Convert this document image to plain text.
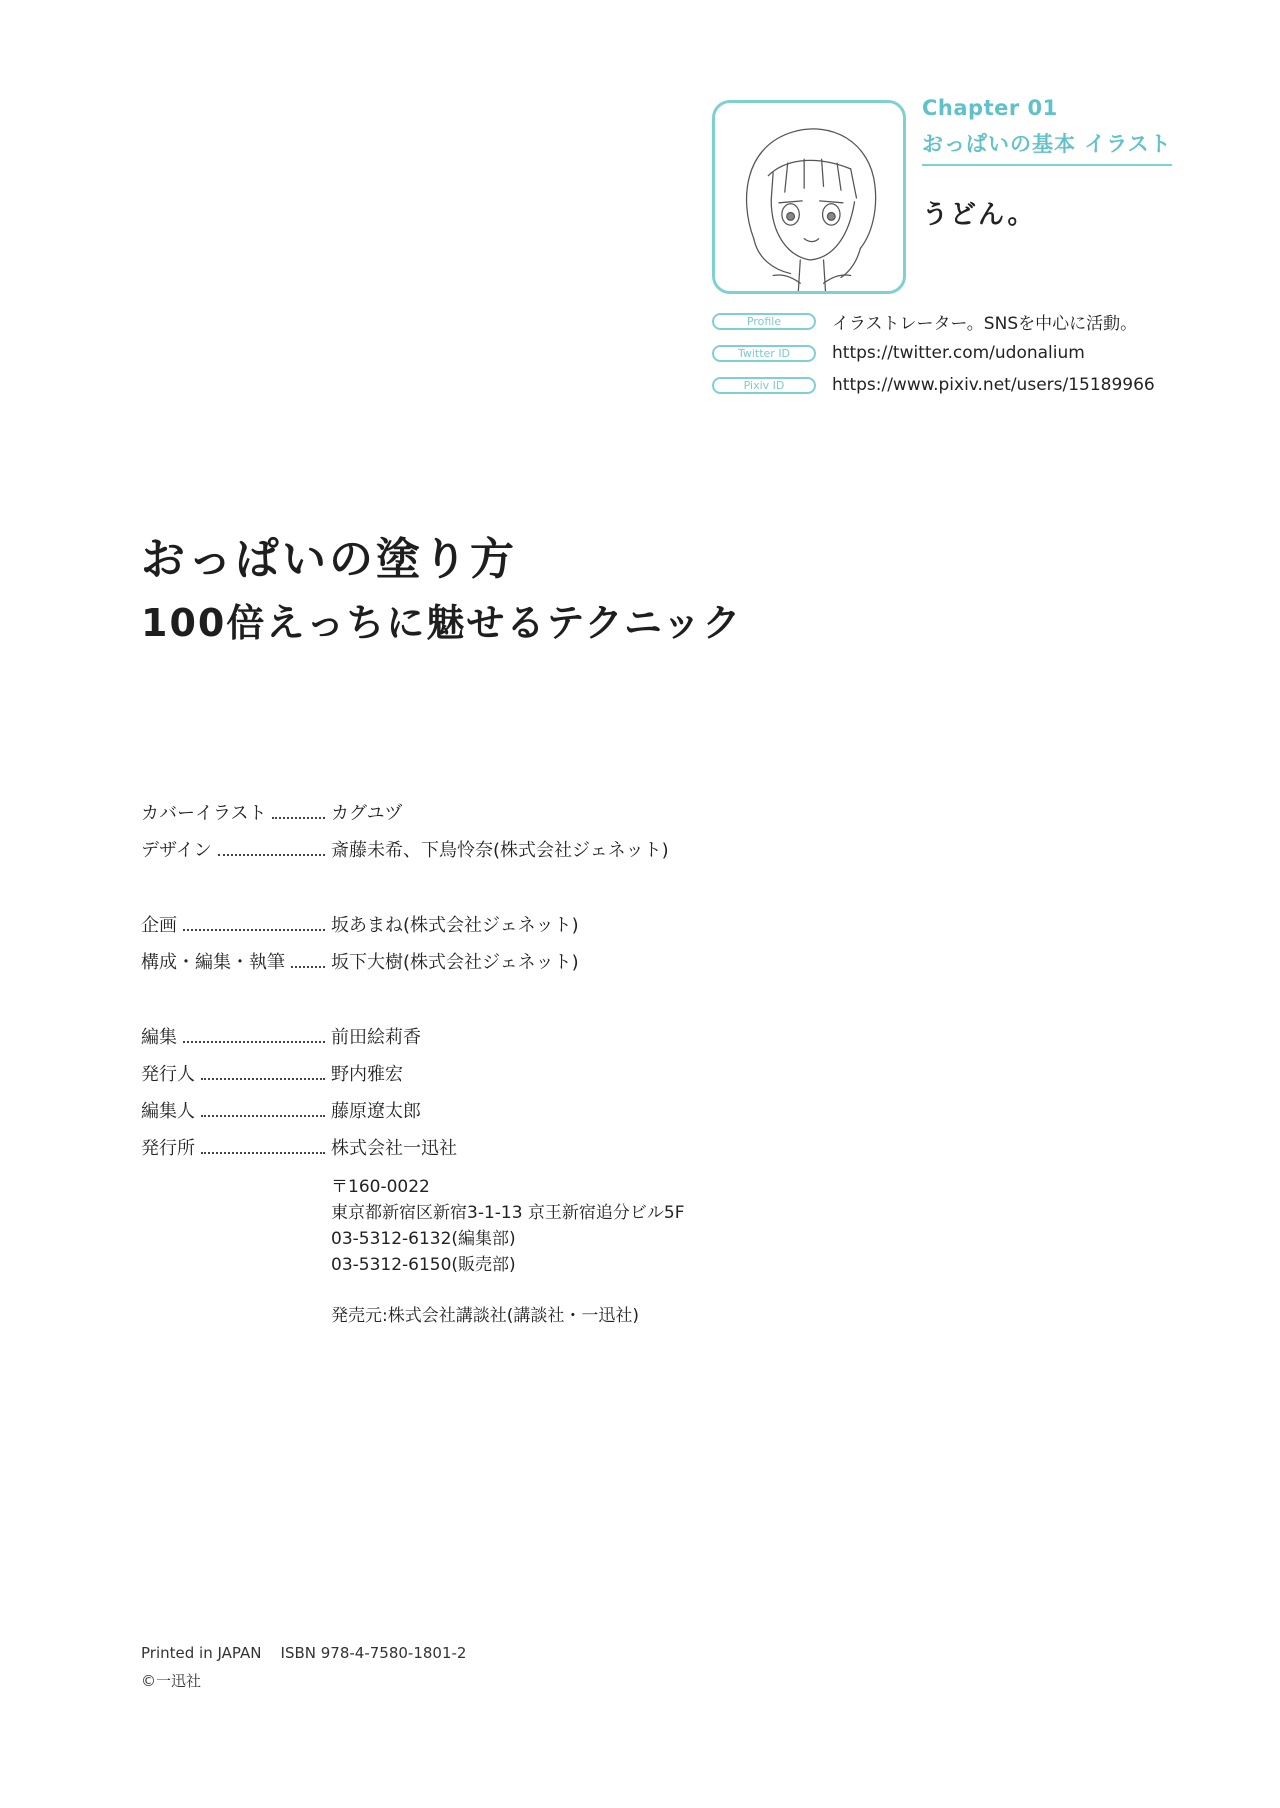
Chapter 01
おっぱいの基本 イラスト
うどん。
Profile	イラストレーター。SNSを中心に活動。
Twitter ID	https://twitter.com/udonalium
Pixiv ID	https://www.pixiv.net/users/15189966
おっぱいの塗り方
100倍えっちに魅せるテクニック
カバーイラスト	カグユヅ
デザイン	斎藤未希、下鳥怜奈(株式会社ジェネット)
企画	坂あまね(株式会社ジェネット)
構成・編集・執筆	坂下大樹(株式会社ジェネット)
編集	前田絵莉香
発行人	野内雅宏
編集人	藤原遼太郎
発行所	株式会社一迅社
〒160-0022
東京都新宿区新宿3-1-13 京王新宿追分ビル5F
03-5312-6132(編集部)
03-5312-6150(販売部)
発売元:株式会社講談社(講談社・一迅社)
Printed in JAPAN    ISBN 978-4-7580-1801-2
©一迅社
